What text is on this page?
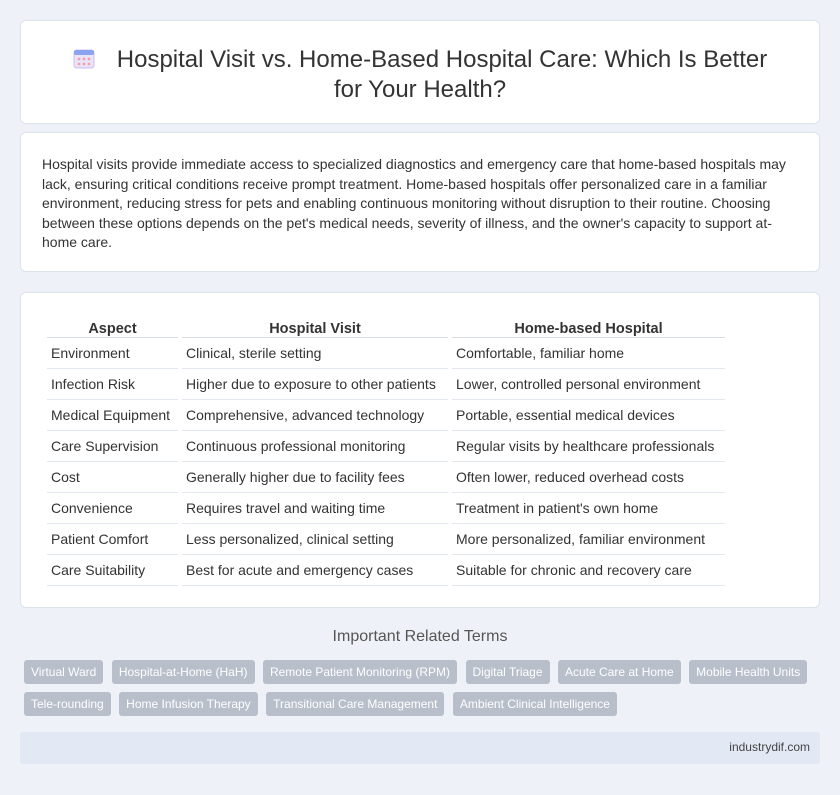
Hospital Visit vs. Home-Based Hospital Care: Which Is Better for Your Health?

Hospital visits provide immediate access to specialized diagnostics and emergency care that home-based hospitals may lack, ensuring critical conditions receive prompt treatment. Home-based hospitals offer personalized care in a familiar environment, reducing stress for pets and enabling continuous monitoring without disruption to their routine. Choosing between these options depends on the pet's medical needs, severity of illness, and the owner's capacity to support at-home care.

Aspect	Hospital Visit	Home-based Hospital
Environment	Clinical, sterile setting	Comfortable, familiar home
Infection Risk	Higher due to exposure to other patients	Lower, controlled personal environment
Medical Equipment	Comprehensive, advanced technology	Portable, essential medical devices
Care Supervision	Continuous professional monitoring	Regular visits by healthcare professionals
Cost	Generally higher due to facility fees	Often lower, reduced overhead costs
Convenience	Requires travel and waiting time	Treatment in patient's own home
Patient Comfort	Less personalized, clinical setting	More personalized, familiar environment
Care Suitability	Best for acute and emergency cases	Suitable for chronic and recovery care
Important Related Terms
Virtual Ward Hospital-at-Home (HaH) Remote Patient Monitoring (RPM) Digital Triage Acute Care at Home Mobile Health Units Tele-rounding Home Infusion Therapy Transitional Care Management Ambient Clinical Intelligence
industrydif.com
